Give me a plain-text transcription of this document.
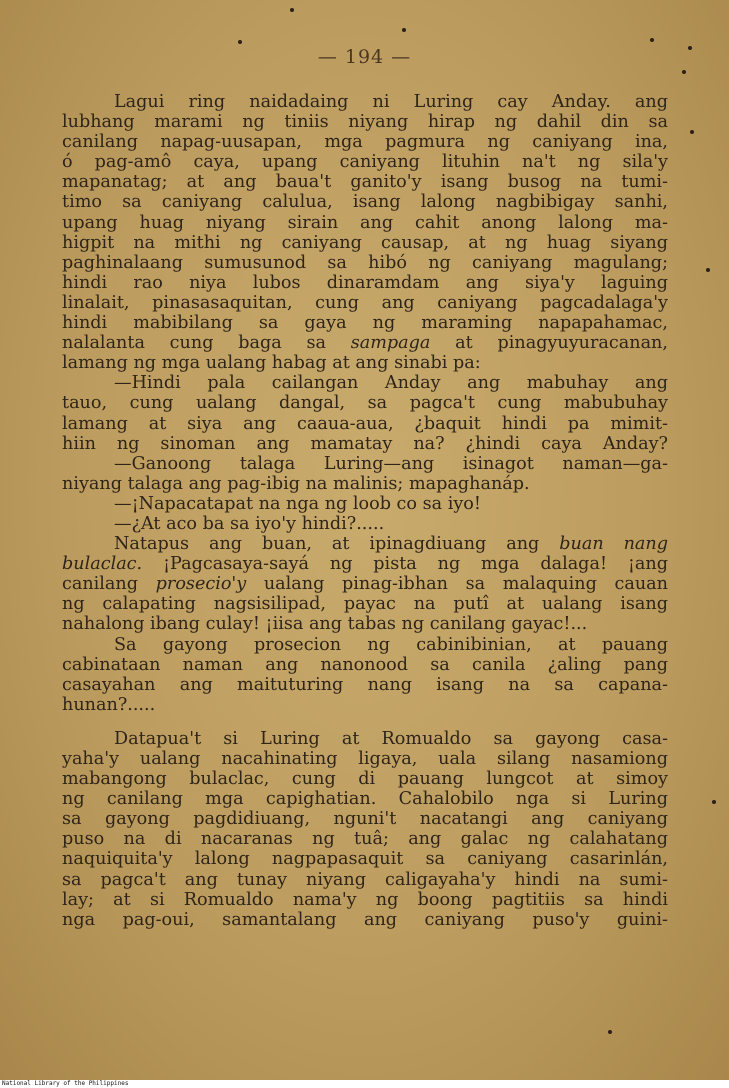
— 194 —
Lagui ring naidadaing ni Luring cay Anday. ang
lubhang marami ng tiniis niyang hirap ng dahil din sa
canilang napag-uusapan, mga pagmura ng caniyang ina,
ó pag-amô caya, upang caniyang lituhin na't ng sila'y
mapanatag; at ang baua't ganito'y isang busog na tumi-
timo sa caniyang calulua, isang lalong nagbibigay sanhi,
upang huag niyang sirain ang cahit anong lalong ma-
higpit na mithi ng caniyang causap, at ng huag siyang
paghinalaang sumusunod sa hibó ng caniyang magulang;
hindi rao niya lubos dinaramdam ang siya'y laguing
linalait, pinasasaquitan, cung ang caniyang pagcadalaga'y
hindi mabibilang sa gaya ng maraming napapahamac,
nalalanta cung baga sa sampaga at pinagyuyuracanan,
lamang ng mga ualang habag at ang sinabi pa:
—Hindi pala cailangan Anday ang mabuhay ang
tauo, cung ualang dangal, sa pagca't cung mabubuhay
lamang at siya ang caaua-aua, ¿baquit hindi pa mimit-
hiin ng sinoman ang mamatay na? ¿hindi caya Anday?
—Ganoong talaga Luring—ang isinagot naman—ga-
niyang talaga ang pag-ibig na malinis; mapaghanáp.
—¡Napacatapat na nga ng loob co sa iyo!
—¿At aco ba sa iyo'y hindi?.....
Natapus ang buan, at ipinagdiuang ang buan nang
bulaclac. ¡Pagcasaya-sayá ng pista ng mga dalaga! ¡ang
canilang prosecio'y ualang pinag-ibhan sa malaquing cauan
ng calapating nagsisilipad, payac na putî at ualang isang
nahalong ibang culay! ¡iisa ang tabas ng canilang gayac!...
Sa gayong prosecion ng cabinibinian, at pauang
cabinataan naman ang nanonood sa canila ¿aling pang
casayahan ang maituturing nang isang na sa capana-
hunan?.....
Datapua't si Luring at Romualdo sa gayong casa-
yaha'y ualang nacahinating ligaya, uala silang nasamiong
mabangong bulaclac, cung di pauang lungcot at simoy
ng canilang mga capighatian. Cahalobilo nga si Luring
sa gayong pagdidiuang, nguni't nacatangi ang caniyang
puso na di nacaranas ng tuâ; ang galac ng calahatang
naquiquita'y lalong nagpapasaquit sa caniyang casarinlán,
sa pagca't ang tunay niyang caligayaha'y hindi na sumi-
lay; at si Romualdo nama'y ng boong pagtitiis sa hindi
nga pag-oui, samantalang ang caniyang puso'y guini-
National Library of the Philippines
